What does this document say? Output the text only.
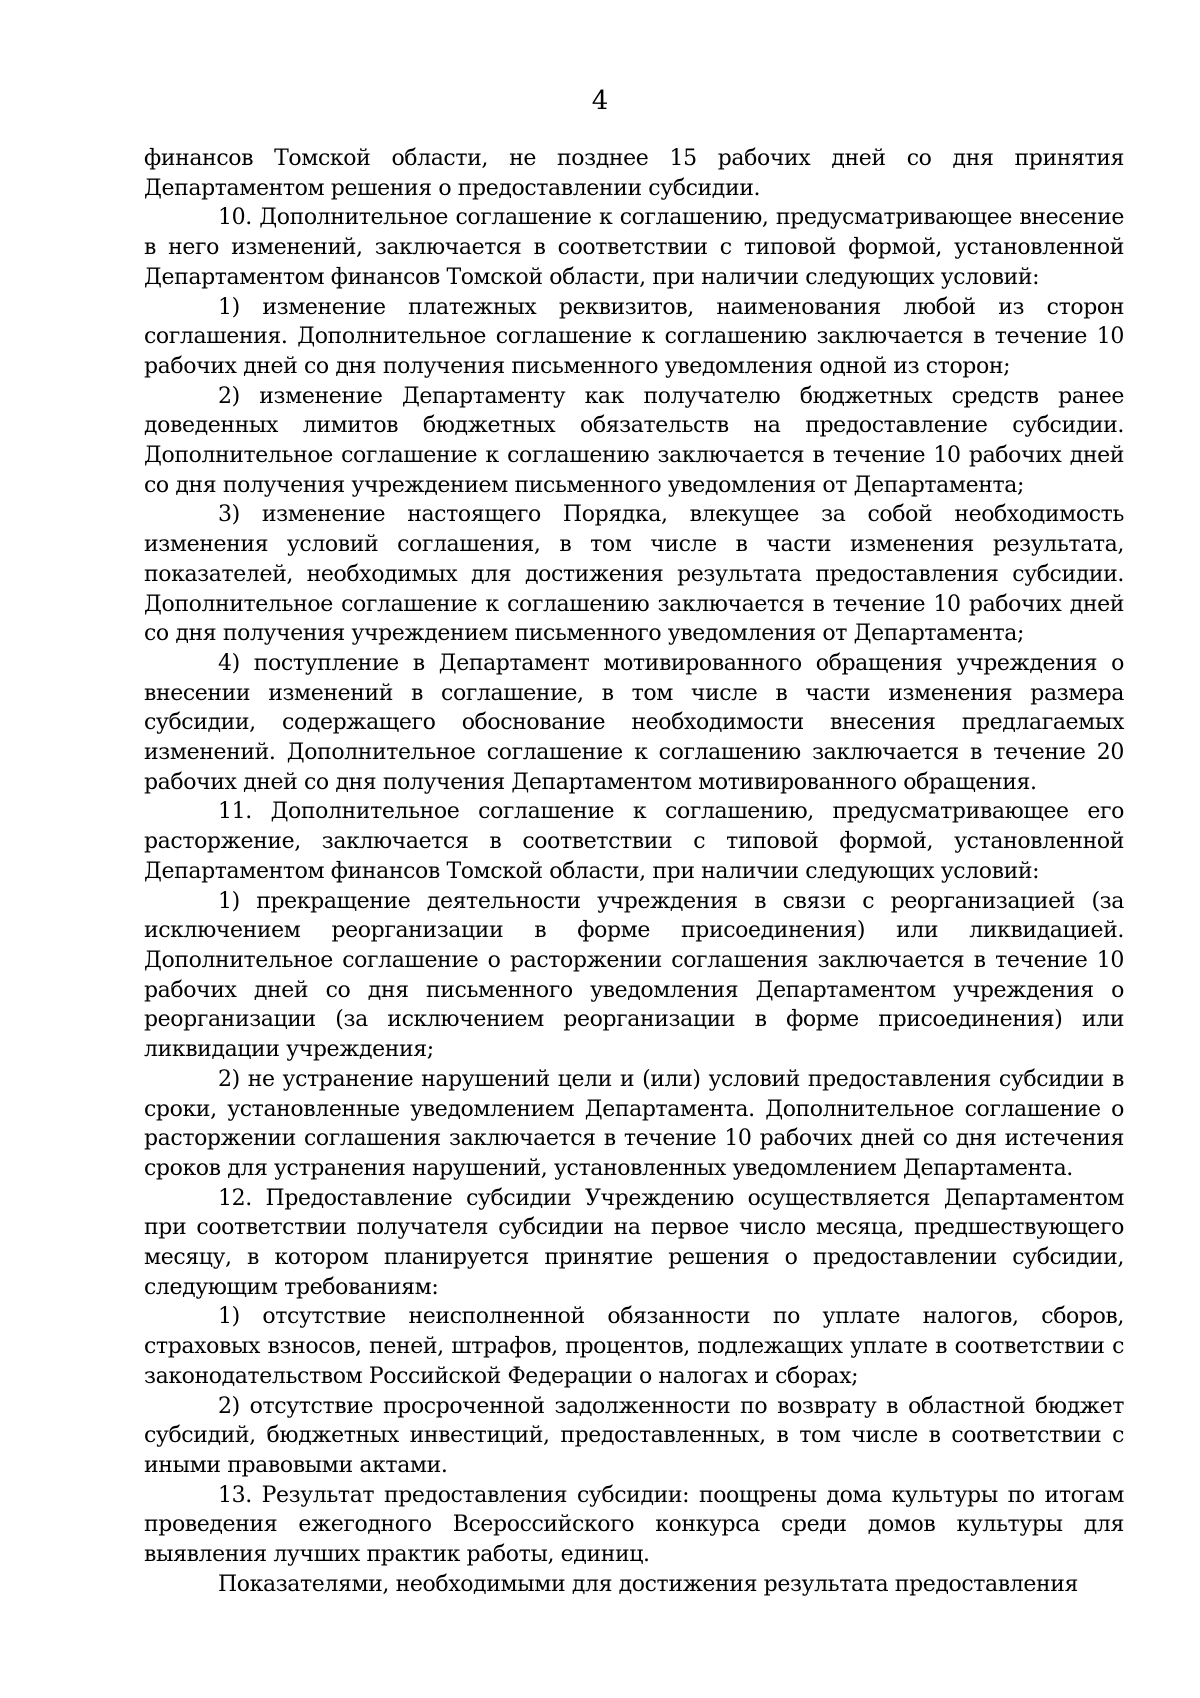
4

финансов Томской области, не позднее 15 рабочих дней со дня принятия Департаментом решения о предоставлении субсидии.

10. Дополнительное соглашение к соглашению, предусматривающее внесение в него изменений, заключается в соответствии с типовой формой, установленной Департаментом финансов Томской области, при наличии следующих условий:

1) изменение платежных реквизитов, наименования любой из сторон соглашения. Дополнительное соглашение к соглашению заключается в течение 10 рабочих дней со дня получения письменного уведомления одной из сторон;

2) изменение Департаменту как получателю бюджетных средств ранее доведенных лимитов бюджетных обязательств на предоставление субсидии. Дополнительное соглашение к соглашению заключается в течение 10 рабочих дней со дня получения учреждением письменного уведомления от Департамента;

3) изменение настоящего Порядка, влекущее за собой необходимость изменения условий соглашения, в том числе в части изменения результата, показателей, необходимых для достижения результата предоставления субсидии. Дополнительное соглашение к соглашению заключается в течение 10 рабочих дней со дня получения учреждением письменного уведомления от Департамента;

4) поступление в Департамент мотивированного обращения учреждения о внесении изменений в соглашение, в том числе в части изменения размера субсидии, содержащего обоснование необходимости внесения предлагаемых изменений. Дополнительное соглашение к соглашению заключается в течение 20 рабочих дней со дня получения Департаментом мотивированного обращения.

11. Дополнительное соглашение к соглашению, предусматривающее его расторжение, заключается в соответствии с типовой формой, установленной Департаментом финансов Томской области, при наличии следующих условий:

1) прекращение деятельности учреждения в связи с реорганизацией (за исключением реорганизации в форме присоединения) или ликвидацией. Дополнительное соглашение о расторжении соглашения заключается в течение 10 рабочих дней со дня письменного уведомления Департаментом учреждения о реорганизации (за исключением реорганизации в форме присоединения) или ликвидации учреждения;

2) не устранение нарушений цели и (или) условий предоставления субсидии в сроки, установленные уведомлением Департамента. Дополнительное соглашение о расторжении соглашения заключается в течение 10 рабочих дней со дня истечения сроков для устранения нарушений, установленных уведомлением Департамента.

12. Предоставление субсидии Учреждению осуществляется Департаментом при соответствии получателя субсидии на первое число месяца, предшествующего месяцу, в котором планируется принятие решения о предоставлении субсидии, следующим требованиям:

1) отсутствие неисполненной обязанности по уплате налогов, сборов, страховых взносов, пеней, штрафов, процентов, подлежащих уплате в соответствии с законодательством Российской Федерации о налогах и сборах;

2) отсутствие просроченной задолженности по возврату в областной бюджет субсидий, бюджетных инвестиций, предоставленных, в том числе в соответствии с иными правовыми актами.

13. Результат предоставления субсидии: поощрены дома культуры по итогам проведения ежегодного Всероссийского конкурса среди домов культуры для выявления лучших практик работы, единиц.

Показателями, необходимыми для достижения результата предоставления
